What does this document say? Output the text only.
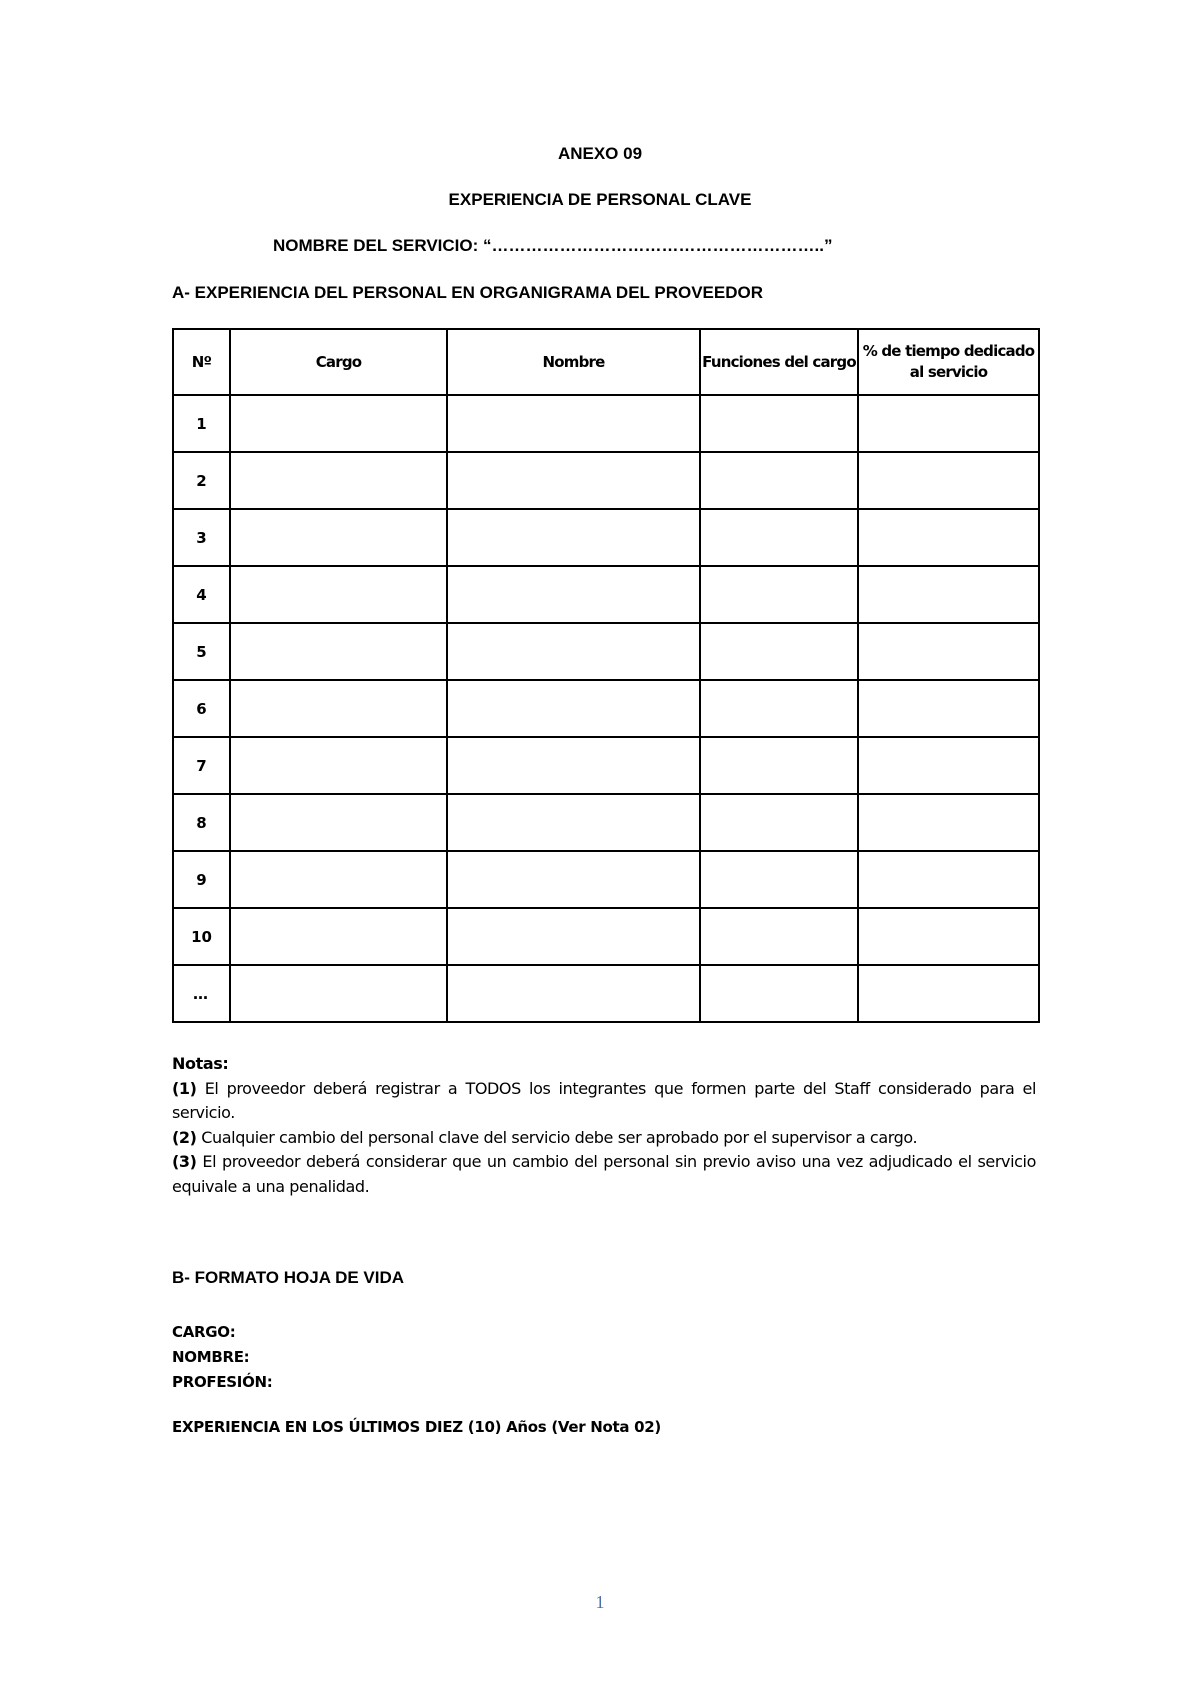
ANEXO 09
EXPERIENCIA DE PERSONAL CLAVE
NOMBRE DEL SERVICIO: “…………………………………………………..”
A- EXPERIENCIA DEL PERSONAL EN ORGANIGRAMA DEL PROVEEDOR
Nº	Cargo	Nombre	Funciones del cargo	% de tiempo dedicado al servicio
1				
2				
3				
4				
5				
6				
7				
8				
9				
10				
…				
Notas:

(1) El proveedor deberá registrar a TODOS los integrantes que formen parte del Staff considerado para el servicio.

(2) Cualquier cambio del personal clave del servicio debe ser aprobado por el supervisor a cargo.

(3) El proveedor deberá considerar que un cambio del personal sin previo aviso una vez adjudicado el servicio equivale a una penalidad.

B- FORMATO HOJA DE VIDA
CARGO:
NOMBRE:
PROFESIÓN:
EXPERIENCIA EN LOS ÚLTIMOS DIEZ (10) Años (Ver Nota 02)
1
